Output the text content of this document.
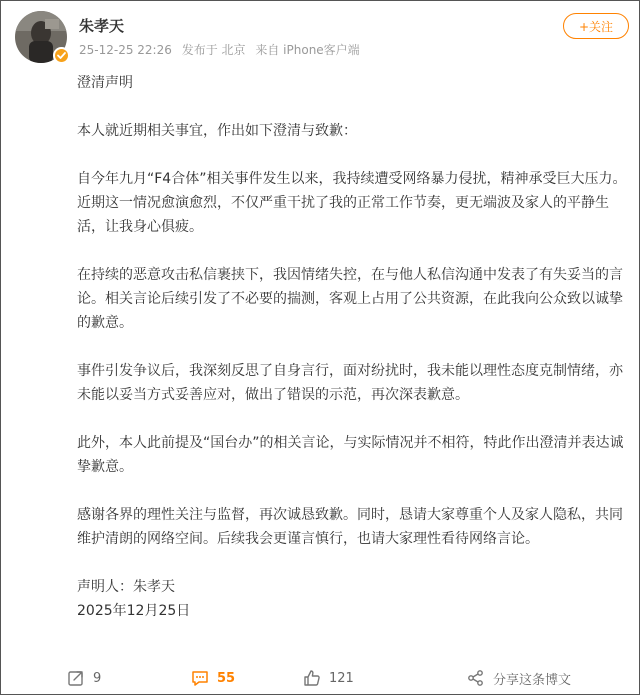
朱孝天
25-12-25 22:26 发布于 北京 来自 iPhone客户端
+关注

澄清声明

本人就近期相关事宜，作出如下澄清与致歉：

自今年九月“F4合体”相关事件发生以来，我持续遭受网络暴力侵扰，精神承受巨大压力。近期这一情况愈演愈烈，不仅严重干扰了我的正常工作节奏，更无端波及家人的平静生活，让我身心俱疲。

在持续的恶意攻击私信裹挟下，我因情绪失控，在与他人私信沟通中发表了有失妥当的言论。相关言论后续引发了不必要的揣测，客观上占用了公共资源，在此我向公众致以诚挚的歉意。

事件引发争议后，我深刻反思了自身言行，面对纷扰时，我未能以理性态度克制情绪，亦未能以妥当方式妥善应对，做出了错误的示范，再次深表歉意。

此外，本人此前提及“国台办”的相关言论，与实际情况并不相符，特此作出澄清并表达诚挚歉意。

感谢各界的理性关注与监督，再次诚恳致歉。同时，恳请大家尊重个人及家人隐私，共同维护清朗的网络空间。后续我会更谨言慎行，也请大家理性看待网络言论。

声明人：朱孝天

2025年12月25日

9	55	121	分享这条博文
